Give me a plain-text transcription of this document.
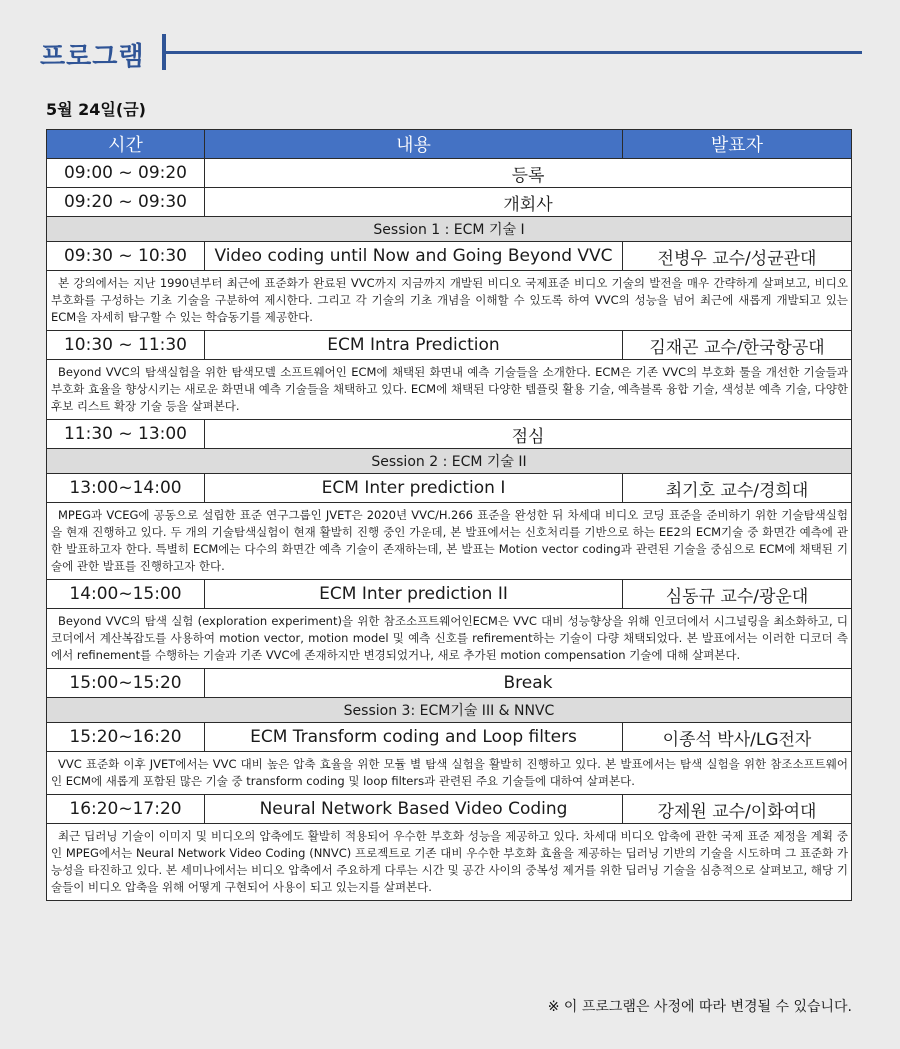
프로그램
5월 24일(금)
시간	내용	발표자
09:00 ~ 09:20	등록	
09:20 ~ 09:30	개회사	
Session 1 : ECM 기술 I		
09:30 ~ 10:30	Video coding until Now and Going Beyond VVC	전병우 교수/성균관대

본 강의에서는 지난 1990년부터 최근에 표준화가 완료된 VVC까지 지금까지 개발된 비디오 국제표준 비디오 기술의 발전을 매우 간략하게 살펴보고, 비디오 부호화를 구성하는 기초 기술을 구분하여 제시한다. 그리고 각 기술의 기초 개념을 이해할 수 있도록 하여 VVC의 성능을 넘어 최근에 새롭게 개발되고 있는 ECM을 자세히 탐구할 수 있는 학습동기를 제공한다.		

10:30 ~ 11:30	ECM Intra Prediction	김재곤 교수/한국항공대

Beyond VVC의 탐색실험을 위한 탐색모델 소프트웨어인 ECM에 채택된 화면내 예측 기술들을 소개한다. ECM은 기존 VVC의 부호화 툴을 개선한 기술들과 부호화 효율을 향상시키는 새로운 화면내 예측 기술들을 채택하고 있다. ECM에 채택된 다양한 템플릿 활용 기술, 예측블록 융합 기술, 색성분 예측 기술, 다양한 후보 리스트 확장 기술 등을 살펴본다.		

11:30 ~ 13:00	점심	
Session 2 : ECM 기술 II		
13:00~14:00	ECM Inter prediction I	최기호 교수/경희대

MPEG과 VCEG에 공동으로 설립한 표준 연구그룹인 JVET은 2020년 VVC/H.266 표준을 완성한 뒤 차세대 비디오 코딩 표준을 준비하기 위한 기술탐색실험을 현재 진행하고 있다. 두 개의 기술탐색실험이 현재 활발히 진행 중인 가운데, 본 발표에서는 신호처리를 기반으로 하는 EE2의 ECM기술 중 화면간 예측에 관한 발표하고자 한다. 특별히 ECM에는 다수의 화면간 예측 기술이 존재하는데, 본 발표는 Motion vector coding과 관련된 기술을 중심으로 ECM에 채택된 기술에 관한 발표를 진행하고자 한다.		

14:00~15:00	ECM Inter prediction II	심동규 교수/광운대

Beyond VVC의 탐색 실험 (exploration experiment)을 위한 참조소프트웨어인ECM은 VVC 대비 성능향상을 위해 인코더에서 시그널링을 최소화하고, 디코더에서 계산복잡도를 사용하여 motion vector, motion model 및 예측 신호를 refirement하는 기술이 다량 채택되었다. 본 발표에서는 이러한 디코더 측에서 refinement를 수행하는 기술과 기존 VVC에 존재하지만 변경되었거나, 새로 추가된 motion compensation 기술에 대해 살펴본다.		

15:00~15:20	Break	
Session 3: ECM기술 III & NNVC		
15:20~16:20	ECM Transform coding and Loop filters	이종석 박사/LG전자

VVC 표준화 이후 JVET에서는 VVC 대비 높은 압축 효율을 위한 모듈 별 탐색 실험을 활발히 진행하고 있다. 본 발표에서는 탐색 실험을 위한 참조소프트웨어인 ECM에 새롭게 포함된 많은 기술 중 transform coding 및 loop filters과 관련된 주요 기술들에 대하여 살펴본다.		

16:20~17:20	Neural Network Based Video Coding	강제원 교수/이화여대

최근 딥러닝 기술이 이미지 및 비디오의 압축에도 활발히 적용되어 우수한 부호화 성능을 제공하고 있다. 차세대 비디오 압축에 관한 국제 표준 제정을 계획 중인 MPEG에서는 Neural Network Video Coding (NNVC) 프로젝트로 기존 대비 우수한 부호화 효율을 제공하는 딥러닝 기반의 기술을 시도하며 그 표준화 가능성을 타진하고 있다. 본 세미나에서는 비디오 압축에서 주요하게 다루는 시간 및 공간 사이의 중복성 제거를 위한 딥러닝 기술을 심층적으로 살펴보고, 해당 기술들이 비디오 압축을 위해 어떻게 구현되어 사용이 되고 있는지를 살펴본다.		
※ 이 프로그램은 사정에 따라 변경될 수 있습니다.
